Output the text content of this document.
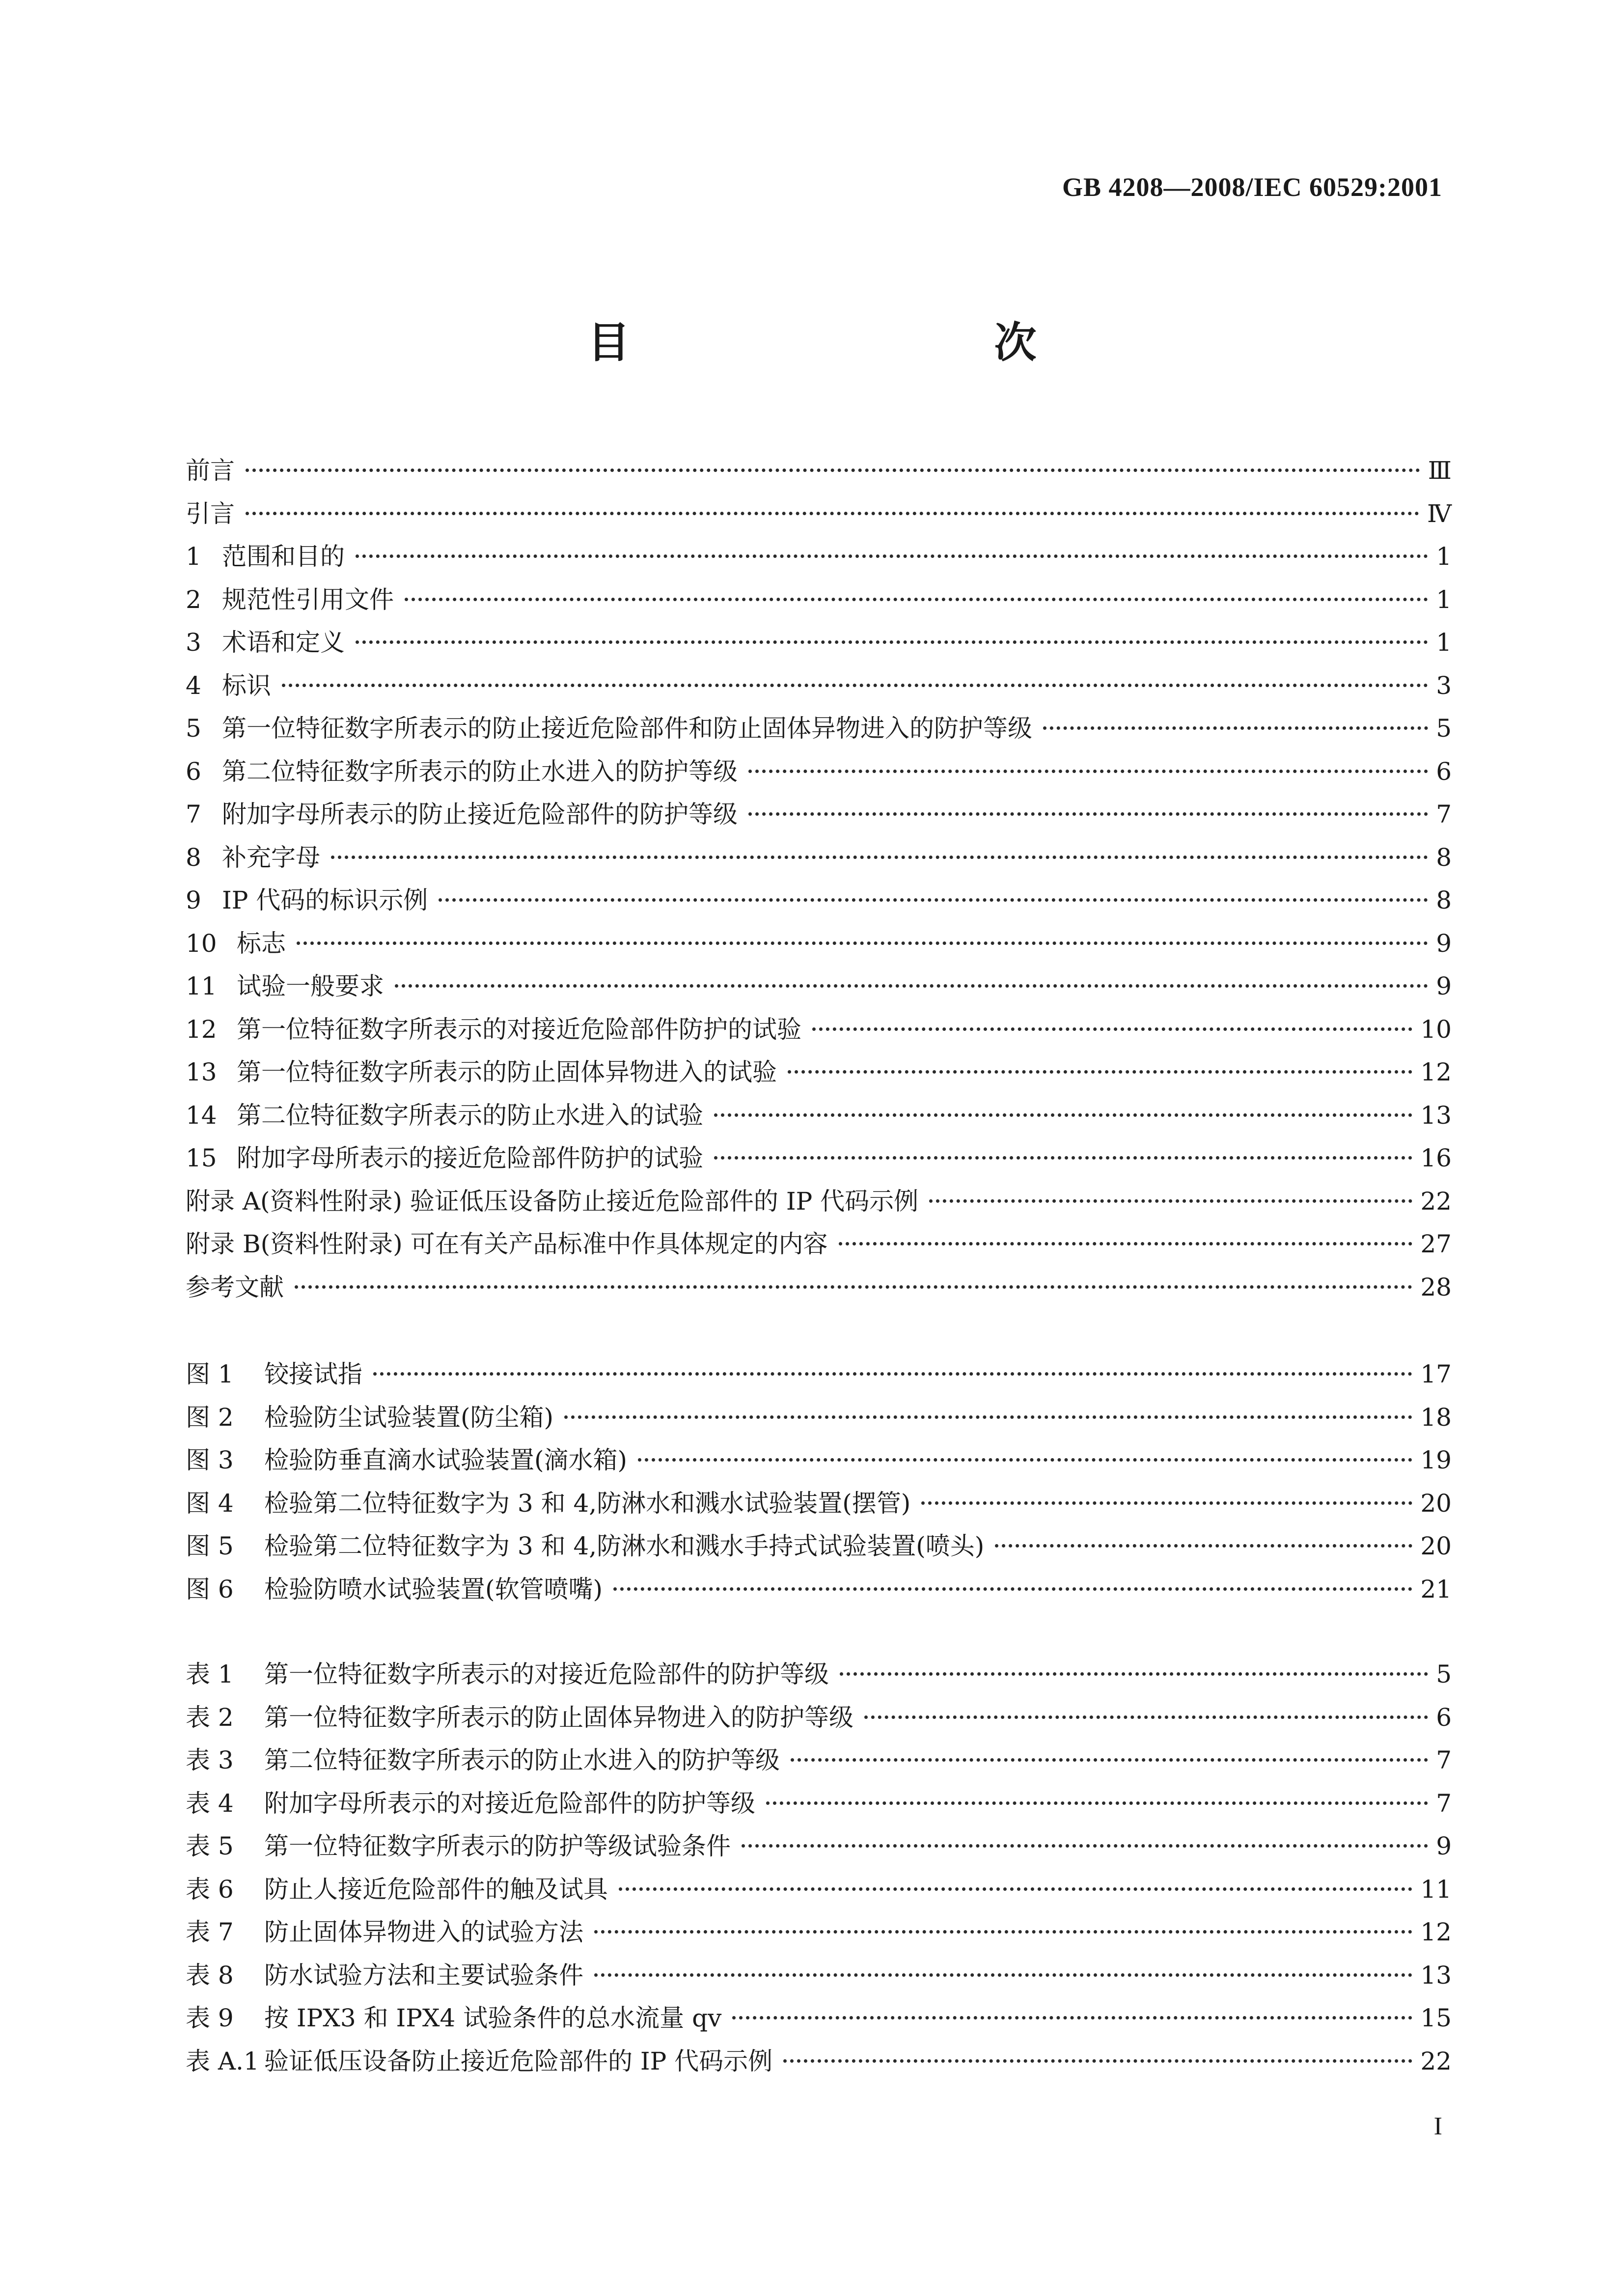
GB 4208—2008/IEC 60529:2001
目　　次
前言	Ⅲ
引言	Ⅳ
1 范围和目的	1
2 规范性引用文件	1
3 术语和定义	1
4 标识	3
5 第一位特征数字所表示的防止接近危险部件和防止固体异物进入的防护等级	5
6 第二位特征数字所表示的防止水进入的防护等级	6
7 附加字母所表示的防止接近危险部件的防护等级	7
8 补充字母	8
9 IP 代码的标识示例	8
10 标志	9
11 试验一般要求	9
12 第一位特征数字所表示的对接近危险部件防护的试验	10
13 第一位特征数字所表示的防止固体异物进入的试验	12
14 第二位特征数字所表示的防止水进入的试验	13
15 附加字母所表示的接近危险部件防护的试验	16
附录 A(资料性附录) 验证低压设备防止接近危险部件的 IP 代码示例	22
附录 B(资料性附录) 可在有关产品标准中作具体规定的内容	27
参考文献	28
图 1 铰接试指	17
图 2 检验防尘试验装置(防尘箱)	18
图 3 检验防垂直滴水试验装置(滴水箱)	19
图 4 检验第二位特征数字为 3 和 4,防淋水和溅水试验装置(摆管)	20
图 5 检验第二位特征数字为 3 和 4,防淋水和溅水手持式试验装置(喷头)	20
图 6 检验防喷水试验装置(软管喷嘴)	21
表 1 第一位特征数字所表示的对接近危险部件的防护等级	5
表 2 第一位特征数字所表示的防止固体异物进入的防护等级	6
表 3 第二位特征数字所表示的防止水进入的防护等级	7
表 4 附加字母所表示的对接近危险部件的防护等级	7
表 5 第一位特征数字所表示的防护等级试验条件	9
表 6 防止人接近危险部件的触及试具	11
表 7 防止固体异物进入的试验方法	12
表 8 防水试验方法和主要试验条件	13
表 9 按 IPX3 和 IPX4 试验条件的总水流量 qv	15
表 A.1 验证低压设备防止接近危险部件的 IP 代码示例	22
I
